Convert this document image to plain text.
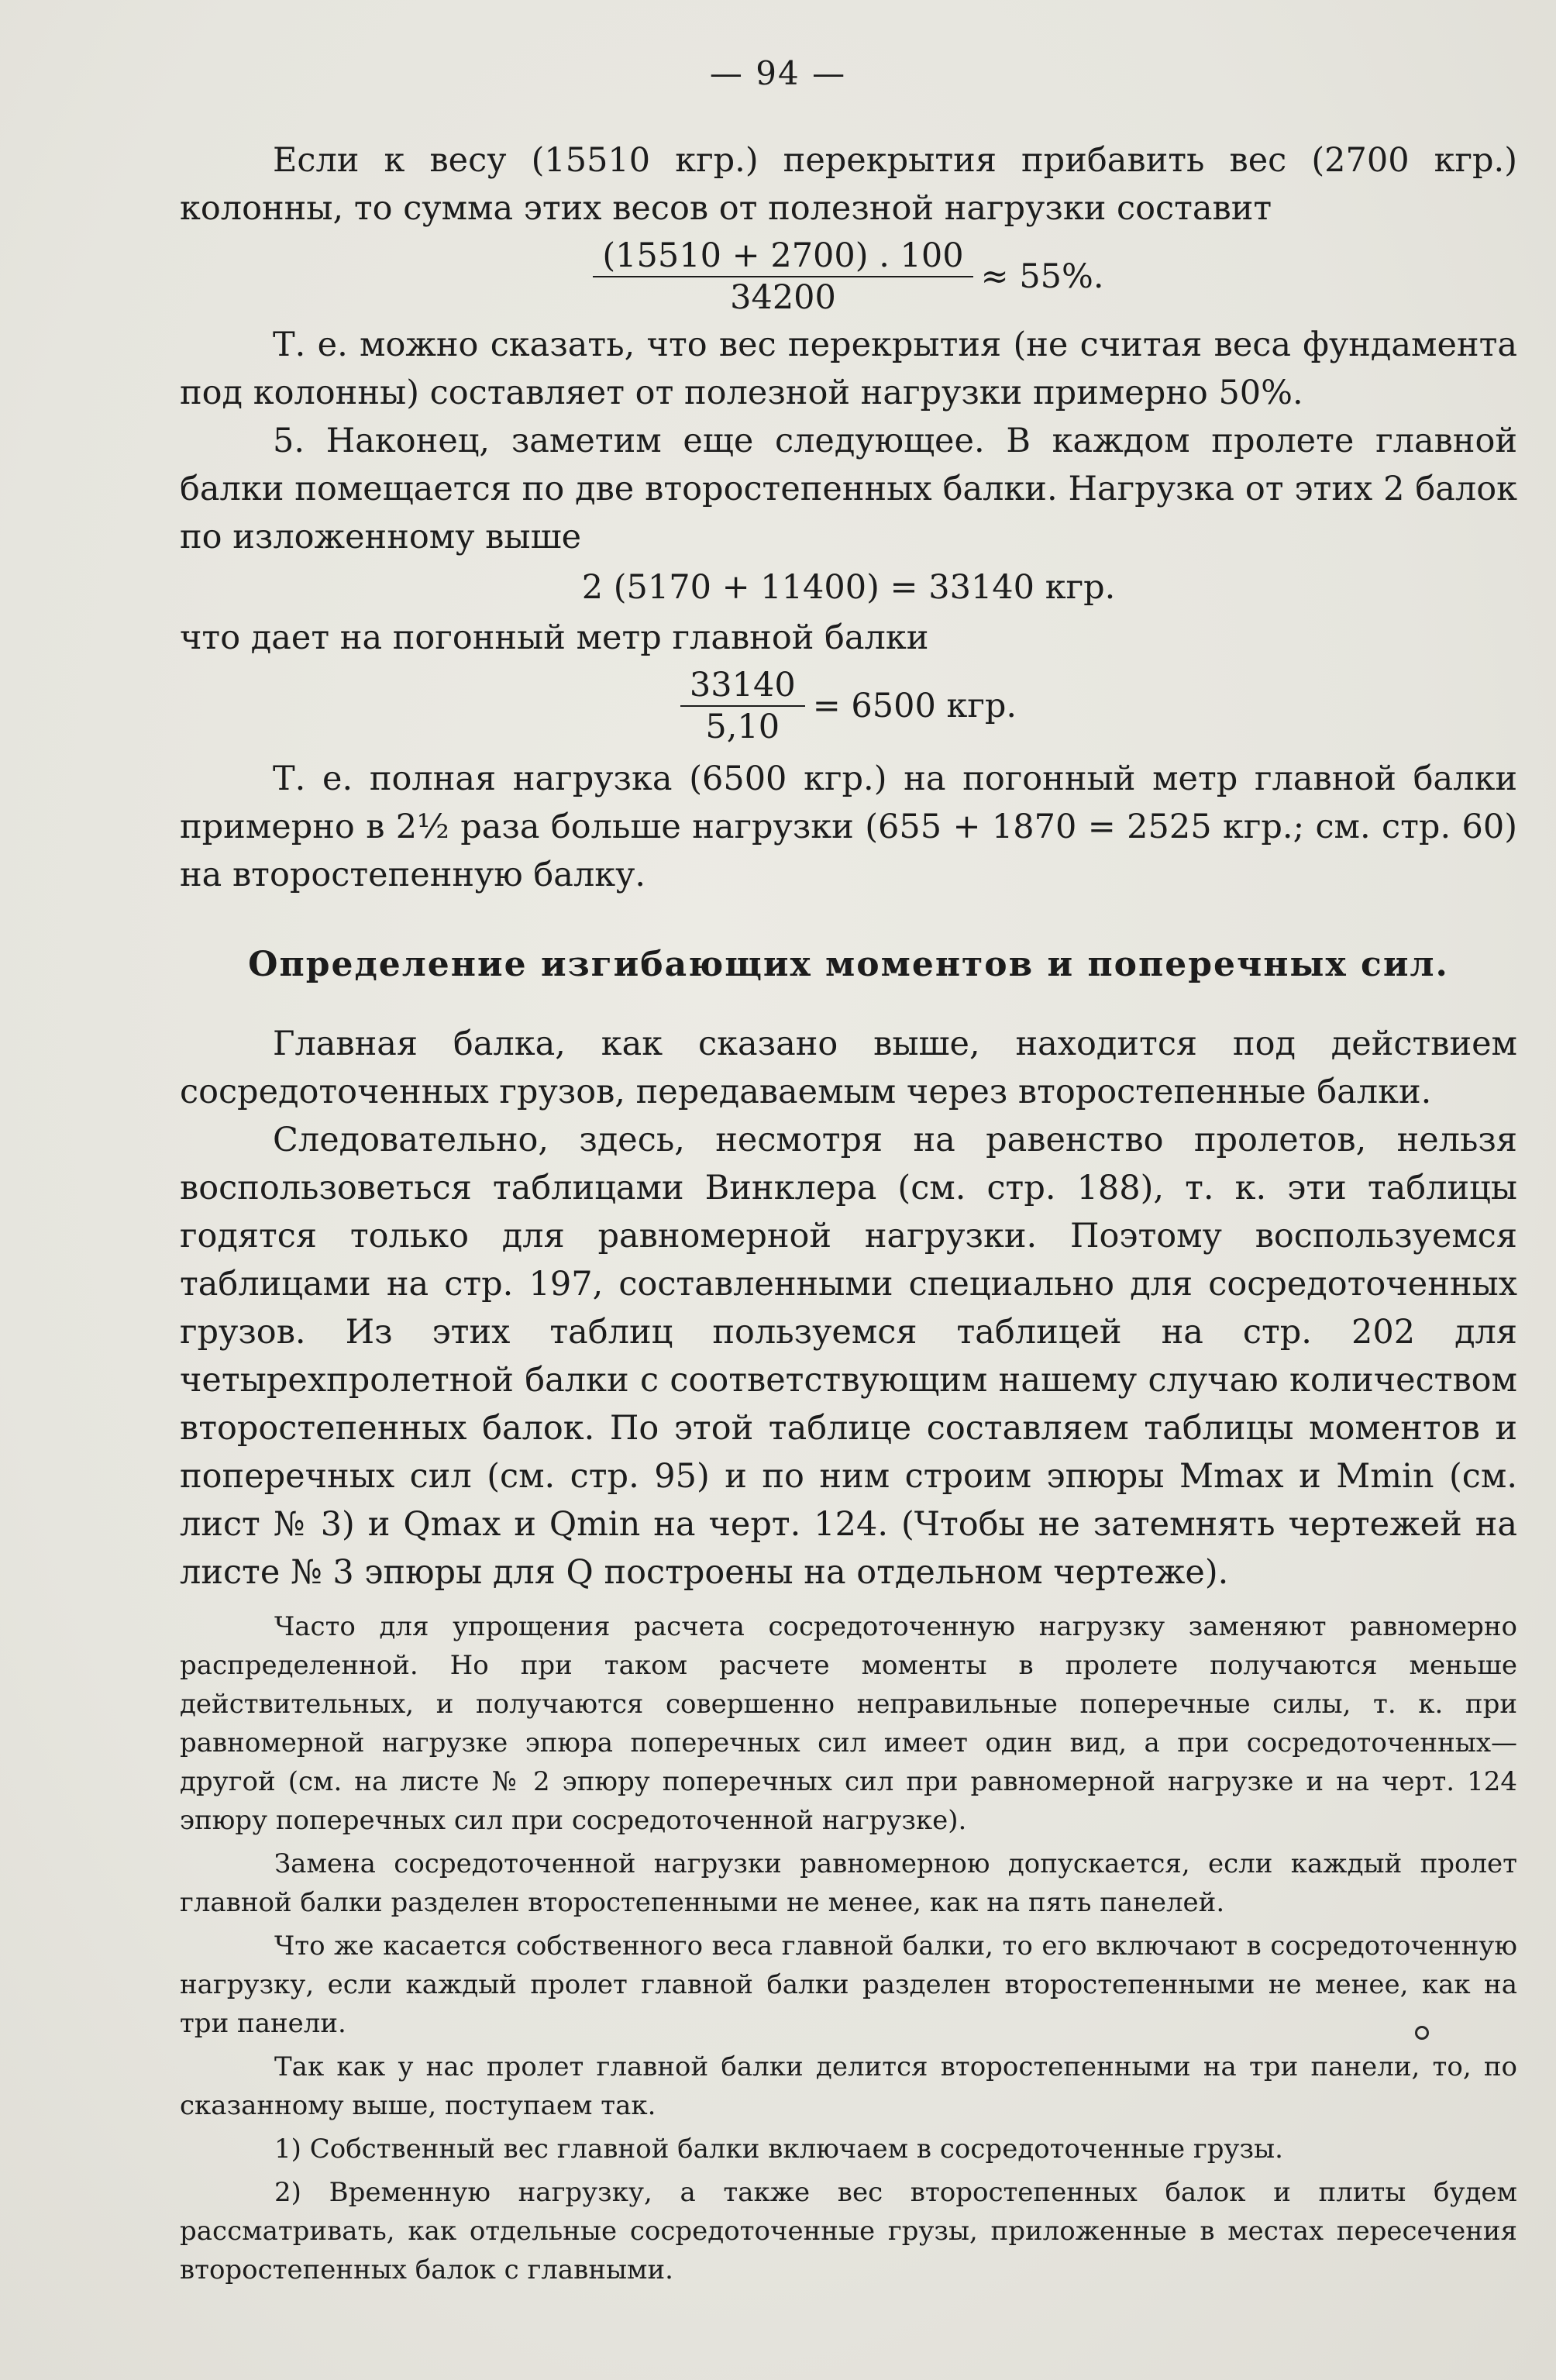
— 94 —

Если к весу (15510 кгр.) перекрытия прибавить вес (2700 кгр.) колонны, то сумма этих весов от полезной нагрузки составит

$\frac{(15510 + 2700) . 100}{34200} \approx 55\%$.

Т. е. можно сказать, что вес перекрытия (не считая веса фундамента под колонны) составляет от полезной нагрузки примерно 50%.

5. Наконец, заметим еще следующее. В каждом пролете главной балки помещается по две второстепенных балки. Нагрузка от этих 2 балок по изложенному выше

2 (5170 + 11400) = 33140 кгр.

что дает на погонный метр главной балки

$\frac{33140}{5,10} = 6500$ кгр.

Т. е. полная нагрузка (6500 кгр.) на погонный метр главной балки примерно в 2½ раза больше нагрузки (655 + 1870 = 2525 кгр.; см. стр. 60) на второстепенную балку.

Определение изгибающих моментов и поперечных сил.

Главная балка, как сказано выше, находится под действием сосредоточенных грузов, передаваемым через второстепенные балки.

Следовательно, здесь, несмотря на равенство пролетов, нельзя воспользоветься таблицами Винклера (см. стр. 188), т. к. эти таблицы годятся только для равномерной нагрузки. Поэтому воспользуемся таблицами на стр. 197, составленными специально для сосредоточенных грузов. Из этих таблиц пользуемся таблицей на стр. 202 для четырехпролетной балки с соответствующим нашему случаю количеством второстепенных балок. По этой таблице составляем таблицы моментов и поперечных сил (см. стр. 95) и по ним строим эпюры Mmax и Mmin (см. лист № 3) и Qmax и Qmin на черт. 124. (Чтобы не затемнять чертежей на листе № 3 эпюры для Q построены на отдельном чертеже).

Часто для упрощения расчета сосредоточенную нагрузку заменяют равномерно распределенной. Но при таком расчете моменты в пролете получаются меньше действительных, и получаются совершенно неправильные поперечные силы, т. к. при равномерной нагрузке эпюра поперечных сил имеет один вид, а при сосредоточенных—другой (см. на листе № 2 эпюру поперечных сил при равномерной нагрузке и на черт. 124 эпюру поперечных сил при сосредоточенной нагрузке).

Замена сосредоточенной нагрузки равномерною допускается, если каждый пролет главной балки разделен второстепенными не менее, как на пять панелей.

Что же касается собственного веса главной балки, то его включают в сосредоточенную нагрузку, если каждый пролет главной балки разделен второстепенными не менее, как на три панели.

Так как у нас пролет главной балки делится второстепенными на три панели, то, по сказанному выше, поступаем так.

1) Собственный вес главной балки включаем в сосредоточенные грузы.

2) Временную нагрузку, а также вес второстепенных балок и плиты будем рассматривать, как отдельные сосредоточенные грузы, приложенные в местах пересечения второстепенных балок с главными.
